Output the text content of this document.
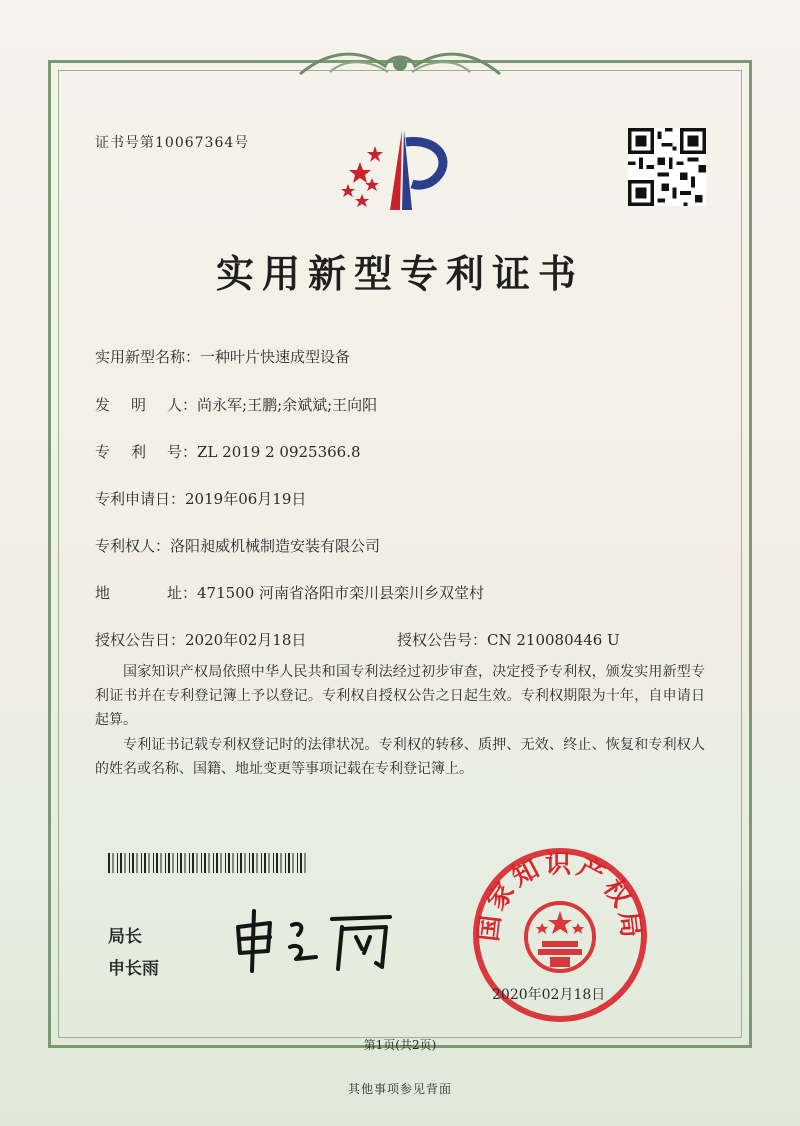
证书号第10067364号
实用新型专利证书
实用新型名称：一种叶片快速成型设备
发 明 人：尚永军;王鹏;余斌斌;王向阳
专 利 号：ZL 2019 2 0925366.8
专利申请日：2019年06月19日
专利权人：洛阳昶威机械制造安装有限公司
地	址：471500 河南省洛阳市栾川县栾川乡双堂村
授权公告日：2020年02月18日	授权公告号：CN 210080446 U
国家知识产权局依照中华人民共和国专利法经过初步审查，决定授予专利权，颁发实用新型专利证书并在专利登记簿上予以登记。专利权自授权公告之日起生效。专利权期限为十年，自申请日起算。
专利证书记载专利权登记时的法律状况。专利权的转移、质押、无效、终止、恢复和专利权人的姓名或名称、国籍、地址变更等事项记载在专利登记簿上。
局长
申长雨
国家知识产权局
2020年02月18日
第1页(共2页)
其他事项参见背面
